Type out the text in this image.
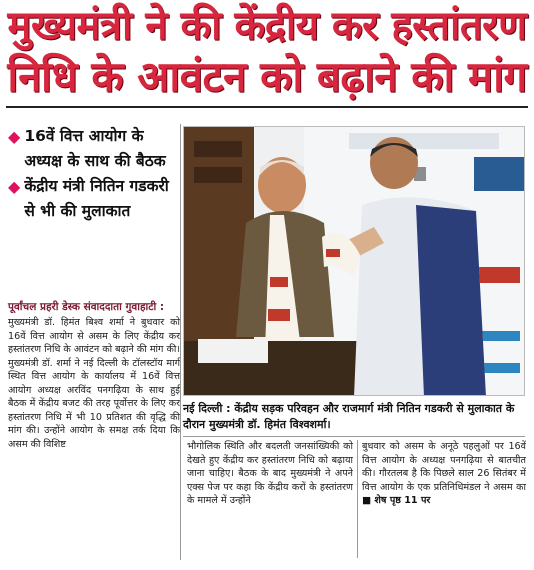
मुख्यमंत्री ने की केंद्रीय कर हस्तांतरण
निधि के आवंटन को बढ़ाने की मांग
◆ 16वें वित्त आयोग के अध्यक्ष के साथ की बैठक
◆ केंद्रीय मंत्री नितिन गडकरी से भी की मुलाकात
पूर्वांचल प्रहरी डेस्क संवाददाता गुवाहाटी :
मुख्यमंत्री डॉ. हिमंत बिश्व शर्मा ने बुधवार को 16वें वित्त आयोग से असम के लिए केंद्रीय कर हस्तांतरण निधि के आवंटन को बढ़ाने की मांग की। मुख्यमंत्री डॉ. शर्मा ने नई दिल्ली के टॉलस्टॉय मार्ग स्थित वित्त आयोग के कार्यालय में 16वें वित्त आयोग अध्यक्ष अरविंद पनगढ़िया के साथ हुई बैठक में केंद्रीय बजट की तरह पूर्वोत्तर के लिए कर हस्तांतरण निधि में भी 10 प्रतिशत की वृद्धि की मांग की। उन्होंने आयोग के समक्ष तर्क दिया कि असम की विशिष्ट
नई दिल्ली : केंद्रीय सड़क परिवहन और राजमार्ग मंत्री नितिन गडकरी से मुलाकात के दौरान मुख्यमंत्री डॉ. हिमंत विश्वशर्मा।
भौगोलिक स्थिति और बदलती जनसांख्यिकी को देखते हुए केंद्रीय कर हस्तांतरण निधि को बढ़ाया जाना चाहिए। बैठक के बाद मुख्यमंत्री ने अपने एक्स पेज पर कहा कि केंद्रीय करों के हस्तांतरण के मामले में उन्होंने
बुधवार को असम के अनूठे पहलुओं पर 16वें वित्त आयोग के अध्यक्ष पनगढ़िया से बातचीत की। गौरतलब है कि पिछले साल 26 सितंबर में वित्त आयोग के एक प्रतिनिधिमंडल ने असम का ■ शेष पृष्ठ 11 पर
